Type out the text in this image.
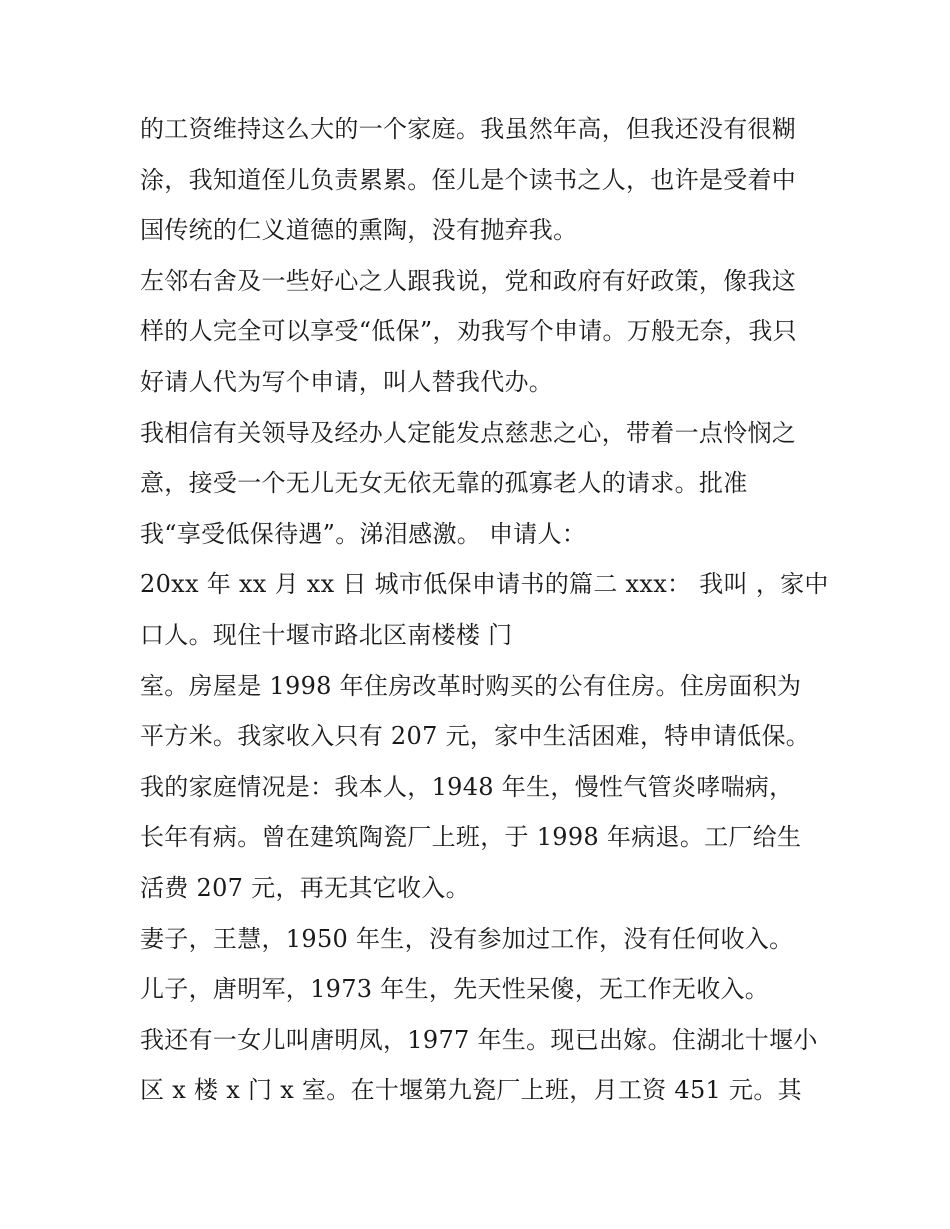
的工资维持这么大的一个家庭。我虽然年高，但我还没有很糊
涂，我知道侄儿负责累累。侄儿是个读书之人，也许是受着中
国传统的仁义道德的熏陶，没有抛弃我。
左邻右舍及一些好心之人跟我说，党和政府有好政策，像我这
样的人完全可以享受“低保”，劝我写个申请。万般无奈，我只
好请人代为写个申请，叫人替我代办。
我相信有关领导及经办人定能发点慈悲之心，带着一点怜悯之
意，接受一个无儿无女无依无靠的孤寡老人的请求。批准
我“享受低保待遇”。涕泪感激。 申请人：
20xx 年 xx 月 xx 日 城市低保申请书的篇二 xxx： 我叫 ，家中
口人。现住十堰市路北区南楼楼 门
室。房屋是 1998 年住房改革时购买的公有住房。住房面积为
平方米。我家收入只有 207 元，家中生活困难，特申请低保。
我的家庭情况是：我本人，1948 年生，慢性气管炎哮喘病，
长年有病。曾在建筑陶瓷厂上班，于 1998 年病退。工厂给生
活费 207 元，再无其它收入。
妻子，王慧，1950 年生，没有参加过工作，没有任何收入。
儿子，唐明军，1973 年生，先天性呆傻，无工作无收入。
我还有一女儿叫唐明凤，1977 年生。现已出嫁。住湖北十堰小
区 x 楼 x 门 x 室。在十堰第九瓷厂上班，月工资 451 元。其
